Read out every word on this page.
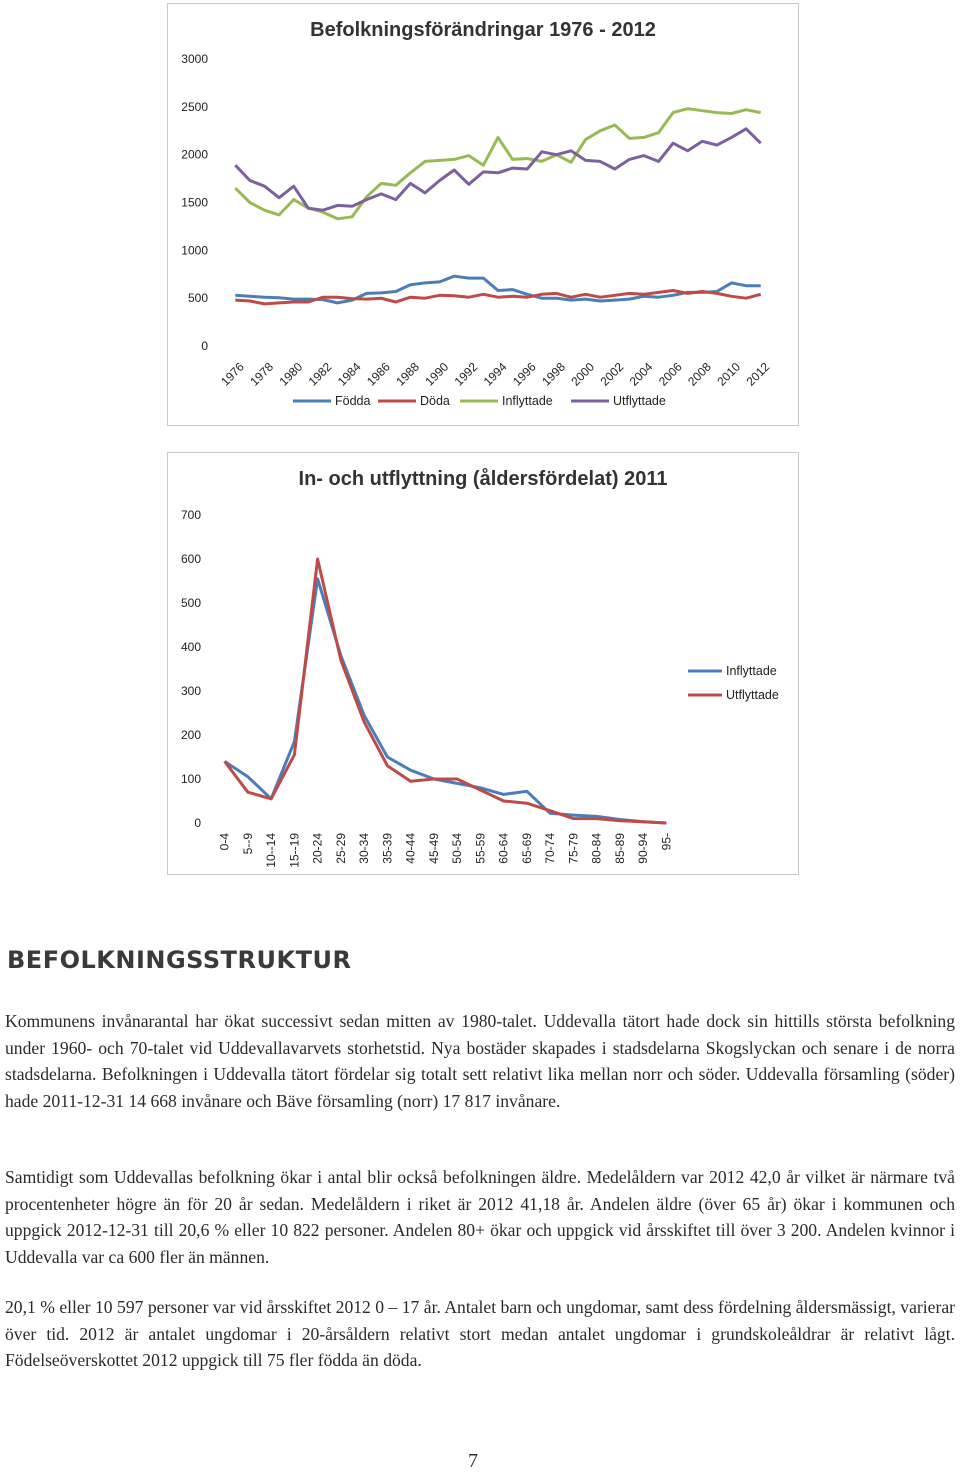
Befolkningsförändringar 1976 - 2012
0
500
1000
1500
2000
2500
3000
1976 1978 1980 1982 1984 1986 1988 1990 1992 1994 1996 1998 2000 2002 2004 2006 2008 2010 2012
Födda	Döda	Inflyttade	Utflyttade
In- och utflyttning (åldersfördelat) 2011
0
100
200
300
400
500
600
700
0-4 5--9 10--14 15--19 20-24 25-29 30-34 35-39 40-44 45-49 50-54 55-59 60-64 65-69 70-74 75-79 80-84 85-89 90-94 95-
Inflyttade
Utflyttade
BEFOLKNINGSSTRUKTUR

Kommunens invånarantal har ökat successivt sedan mitten av 1980-talet. Uddevalla tätort hade dock sin hittills största befolkning under 1960- och 70-talet vid Uddevallavarvets storhetstid. Nya bostäder skapades i stadsdelarna Skogslyckan och senare i de norra stadsdelarna. Befolkningen i Uddevalla tätort fördelar sig totalt sett relativt lika mellan norr och söder. Uddevalla församling (söder) hade 2011-12-31 14 668 invånare och Bäve församling (norr) 17 817 invånare.

Samtidigt som Uddevallas befolkning ökar i antal blir också befolkningen äldre. Medelåldern var 2012 42,0 år vilket är närmare två procentenheter högre än för 20 år sedan. Medelåldern i riket är 2012 41,18 år. Andelen äldre (över 65 år) ökar i kommunen och uppgick 2012-12-31 till 20,6 % eller 10 822 personer. Andelen 80+ ökar och uppgick vid årsskiftet till över 3 200. Andelen kvinnor i Uddevalla var ca 600 fler än männen.

20,1 % eller 10 597 personer var vid årsskiftet 2012 0 – 17 år. Antalet barn och ungdomar, samt dess fördelning åldersmässigt, varierar över tid. 2012 är antalet ungdomar i 20-årsåldern relativt stort medan antalet ungdomar i grundskoleåldrar är relativt lågt. Födelseöverskottet 2012 uppgick till 75 fler födda än döda.

7
